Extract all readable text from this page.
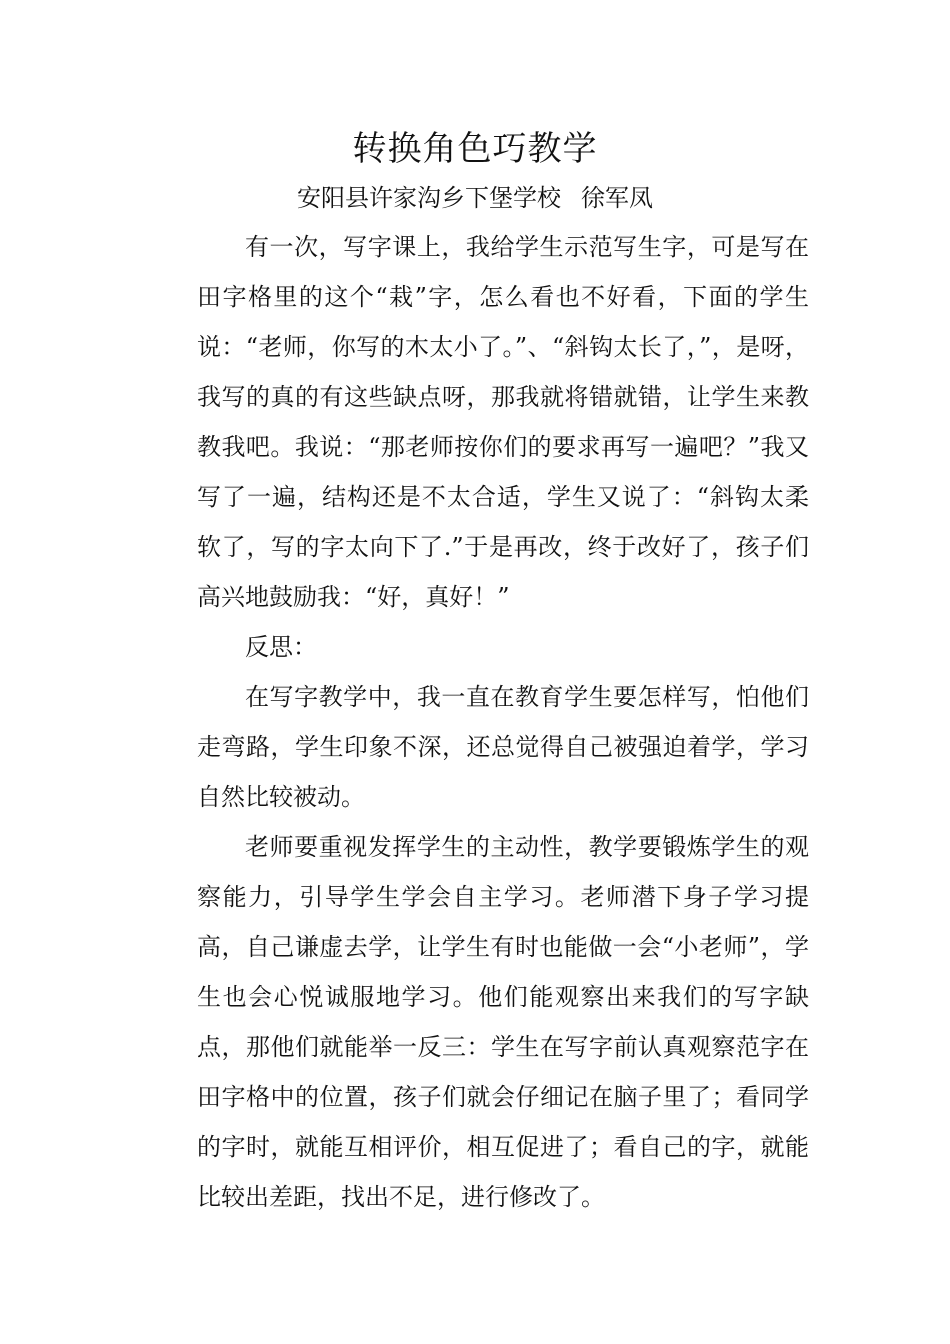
转换角色巧教学

安阳县许家沟乡下堡学校 徐军凤

有一次，写字课上，我给学生示范写生字，可是写在田字格里的这个“栽”字，怎么看也不好看，下面的学生说：“老师，你写的木太小了。”、“斜钩太长了，”，是呀，我写的真的有这些缺点呀，那我就将错就错，让学生来教教我吧。我说：“那老师按你们的要求再写一遍吧？”我又写了一遍，结构还是不太合适，学生又说了：“斜钩太柔软了，写的字太向下了.”于是再改，终于改好了，孩子们高兴地鼓励我：“好，真好！”

反思：

在写字教学中，我一直在教育学生要怎样写，怕他们走弯路，学生印象不深，还总觉得自己被强迫着学，学习自然比较被动。

老师要重视发挥学生的主动性，教学要锻炼学生的观察能力，引导学生学会自主学习。老师潜下身子学习提高，自己谦虚去学，让学生有时也能做一会“小老师”，学生也会心悦诚服地学习。他们能观察出来我们的写字缺点，那他们就能举一反三：学生在写字前认真观察范字在田字格中的位置，孩子们就会仔细记在脑子里了；看同学的字时，就能互相评价，相互促进了；看自己的字，就能比较出差距，找出不足，进行修改了。
